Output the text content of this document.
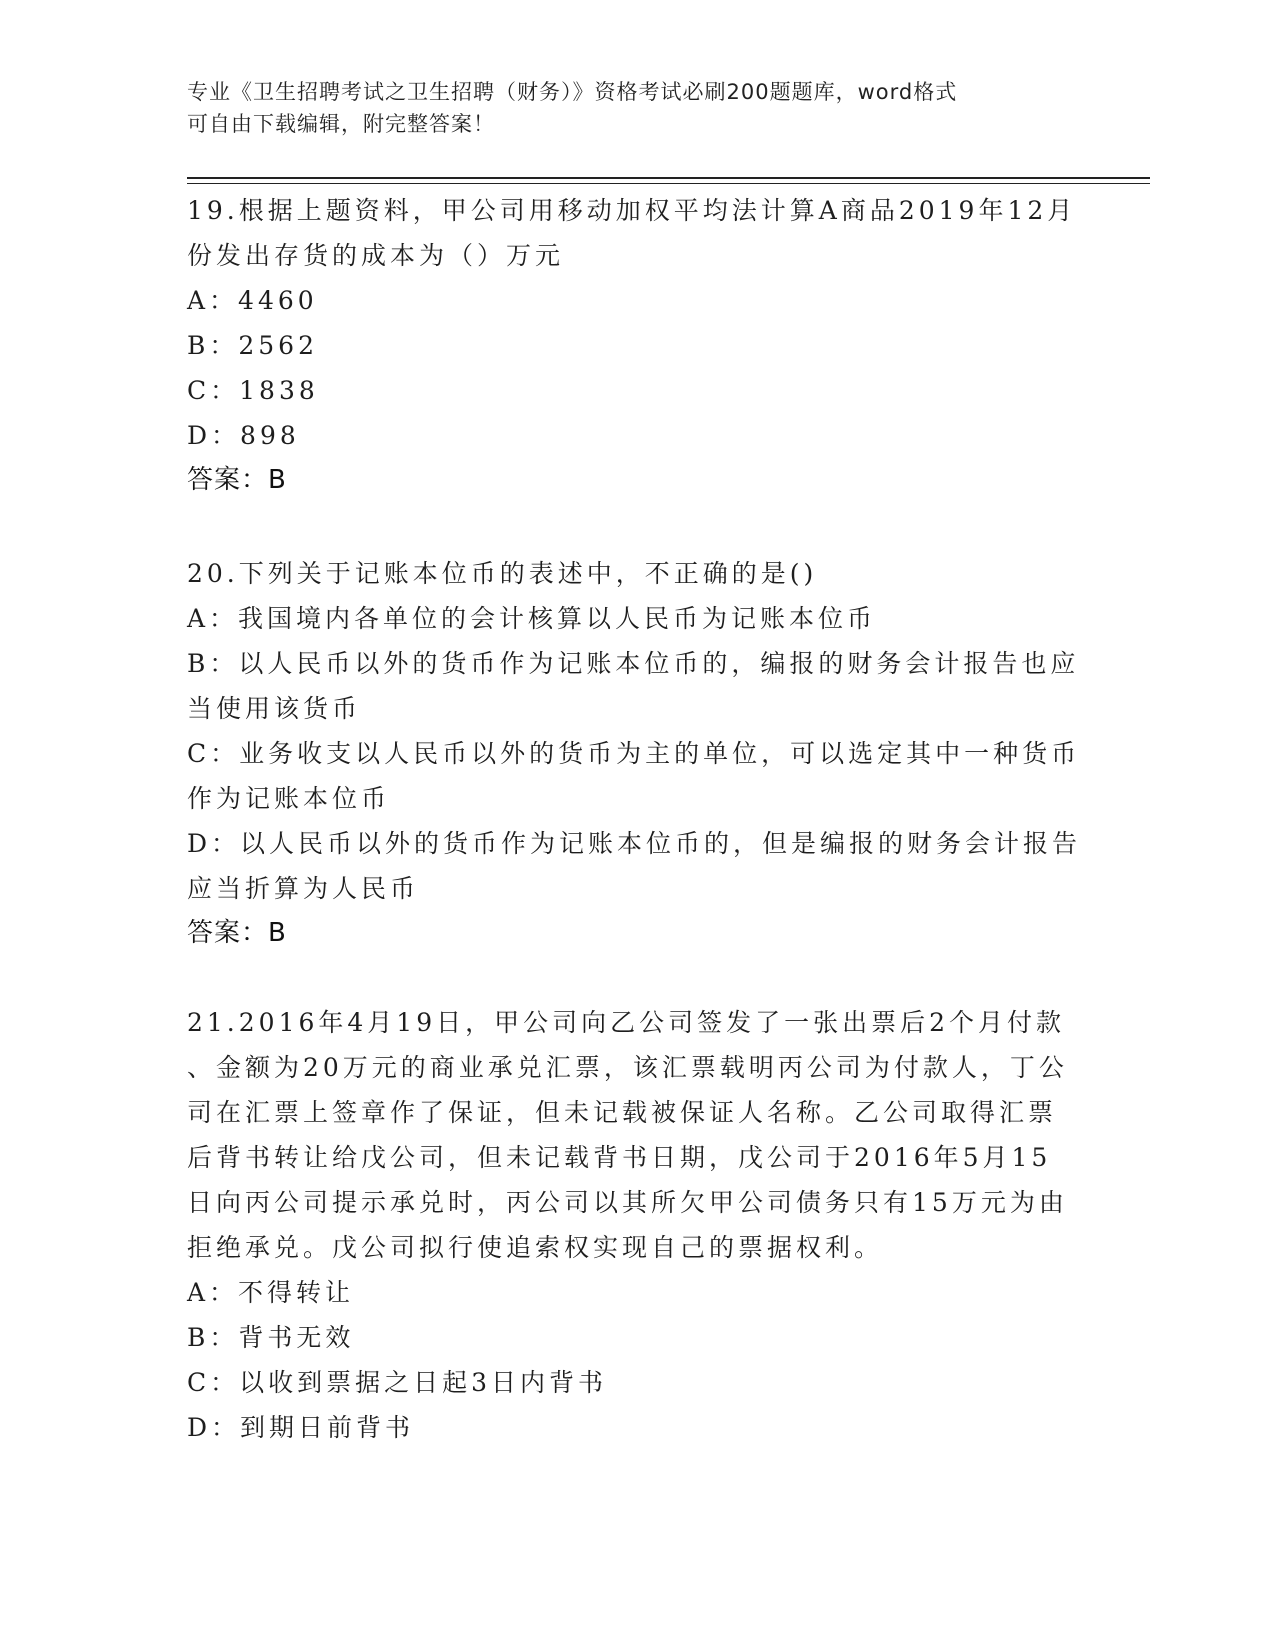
专业《卫生招聘考试之卫生招聘（财务）》资格考试必刷200题题库，word格式
可自由下载编辑，附完整答案！
19.根据上题资料，甲公司用移动加权平均法计算A商品2019年12月
份发出存货的成本为（）万元
A：4460
B：2562
C：1838
D：898
答案：B
20.下列关于记账本位币的表述中，不正确的是()
A：我国境内各单位的会计核算以人民币为记账本位币
B：以人民币以外的货币作为记账本位币的，编报的财务会计报告也应
当使用该货币
C：业务收支以人民币以外的货币为主的单位，可以选定其中一种货币
作为记账本位币
D：以人民币以外的货币作为记账本位币的，但是编报的财务会计报告
应当折算为人民币
答案：B
21.2016年4月19日，甲公司向乙公司签发了一张出票后2个月付款
、金额为20万元的商业承兑汇票，该汇票载明丙公司为付款人，丁公
司在汇票上签章作了保证，但未记载被保证人名称。乙公司取得汇票
后背书转让给戊公司，但未记载背书日期，戊公司于2016年5月15
日向丙公司提示承兑时，丙公司以其所欠甲公司债务只有15万元为由
拒绝承兑。戊公司拟行使追索权实现自己的票据权利。
A：不得转让
B：背书无效
C：以收到票据之日起3日内背书
D：到期日前背书
